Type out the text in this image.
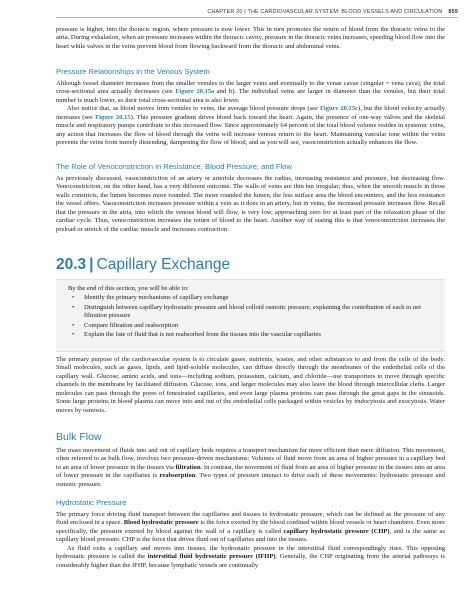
CHAPTER 20 | THE CARDIOVASCULAR SYSTEM: BLOOD VESSELS AND CIRCULATION 859

pressure is higher, into the thoracic region, where pressure is now lower. This in turn promotes the return of blood from the thoracic veins to the atria. During exhalation, when air pressure increases within the thoracic cavity, pressure in the thoracic veins increases, speeding blood flow into the heart while valves in the veins prevent blood from flowing backward from the thoracic and abdominal veins.

Pressure Relationships in the Venous System

Although vessel diameter increases from the smaller venules to the larger veins and eventually to the venae cavae (singular = vena cava), the total cross-sectional area actually decreases (see Figure 20.15a and b). The individual veins are larger in diameter than the venules, but their total number is much lower, so their total cross-sectional area is also lower.

Also notice that, as blood moves from venules to veins, the average blood pressure drops (see Figure 20.15c), but the blood velocity actually increases (see Figure 20.15). This pressure gradient drives blood back toward the heart. Again, the presence of one-way valves and the skeletal muscle and respiratory pumps contribute to this increased flow. Since approximately 64 percent of the total blood volume resides in systemic veins, any action that increases the flow of blood through the veins will increase venous return to the heart. Maintaining vascular tone within the veins prevents the veins from merely distending, dampening the flow of blood, and as you will see, vasoconstriction actually enhances the flow.

The Role of Venoconstriction in Resistance, Blood Pressure, and Flow

As previously discussed, vasoconstriction of an artery or arteriole decreases the radius, increasing resistance and pressure, but decreasing flow. Venoconstriction, on the other hand, has a very different outcome. The walls of veins are thin but irregular; thus, when the smooth muscle in those walls constricts, the lumen becomes more rounded. The more rounded the lumen, the less surface area the blood encounters, and the less resistance the vessel offers. Vasoconstriction increases pressure within a vein as it does in an artery, but in veins, the increased pressure increases flow. Recall that the pressure in the atria, into which the venous blood will flow, is very low, approaching zero for at least part of the relaxation phase of the cardiac cycle. Thus, venoconstriction increases the return of blood to the heart. Another way of stating this is that venoconstriction increases the preload or stretch of the cardiac muscle and increases contraction.

20.3 | Capillary Exchange
By the end of this section, you will be able to:
• Identify the primary mechanisms of capillary exchange
• Distinguish between capillary hydrostatic pressure and blood colloid osmotic pressure, explaining the contribution of each to net filtration pressure
• Compare filtration and reabsorption
• Explain the fate of fluid that is not reabsorbed from the tissues into the vascular capillaries

The primary purpose of the cardiovascular system is to circulate gases, nutrients, wastes, and other substances to and from the cells of the body. Small molecules, such as gases, lipids, and lipid-soluble molecules, can diffuse directly through the membranes of the endothelial cells of the capillary wall. Glucose, amino acids, and ions—including sodium, potassium, calcium, and chloride—use transporters to move through specific channels in the membrane by facilitated diffusion. Glucose, ions, and larger molecules may also leave the blood through intercellular clefts. Larger molecules can pass through the pores of fenestrated capillaries, and even large plasma proteins can pass through the great gaps in the sinusoids. Some large proteins in blood plasma can move into and out of the endothelial cells packaged within vesicles by endocytosis and exocytosis. Water moves by osmosis.

Bulk Flow

The mass movement of fluids into and out of capillary beds requires a transport mechanism far more efficient than mere diffusion. This movement, often referred to as bulk flow, involves two pressure-driven mechanisms: Volumes of fluid move from an area of higher pressure in a capillary bed to an area of lower pressure in the tissues via filtration. In contrast, the movement of fluid from an area of higher pressure in the tissues into an area of lower pressure in the capillaries is reabsorption. Two types of pressure interact to drive each of these movements: hydrostatic pressure and osmotic pressure.

Hydrostatic Pressure

The primary force driving fluid transport between the capillaries and tissues is hydrostatic pressure, which can be defined as the pressure of any fluid enclosed in a space. Blood hydrostatic pressure is the force exerted by the blood confined within blood vessels or heart chambers. Even more specifically, the pressure exerted by blood against the wall of a capillary is called capillary hydrostatic pressure (CHP), and is the same as capillary blood pressure. CHP is the force that drives fluid out of capillaries and into the tissues.

As fluid exits a capillary and moves into tissues, the hydrostatic pressure in the interstitial fluid correspondingly rises. This opposing hydrostatic pressure is called the interstitial fluid hydrostatic pressure (IFHP). Generally, the CHP originating from the arterial pathways is considerably higher than the IFHP, because lymphatic vessels are continually
